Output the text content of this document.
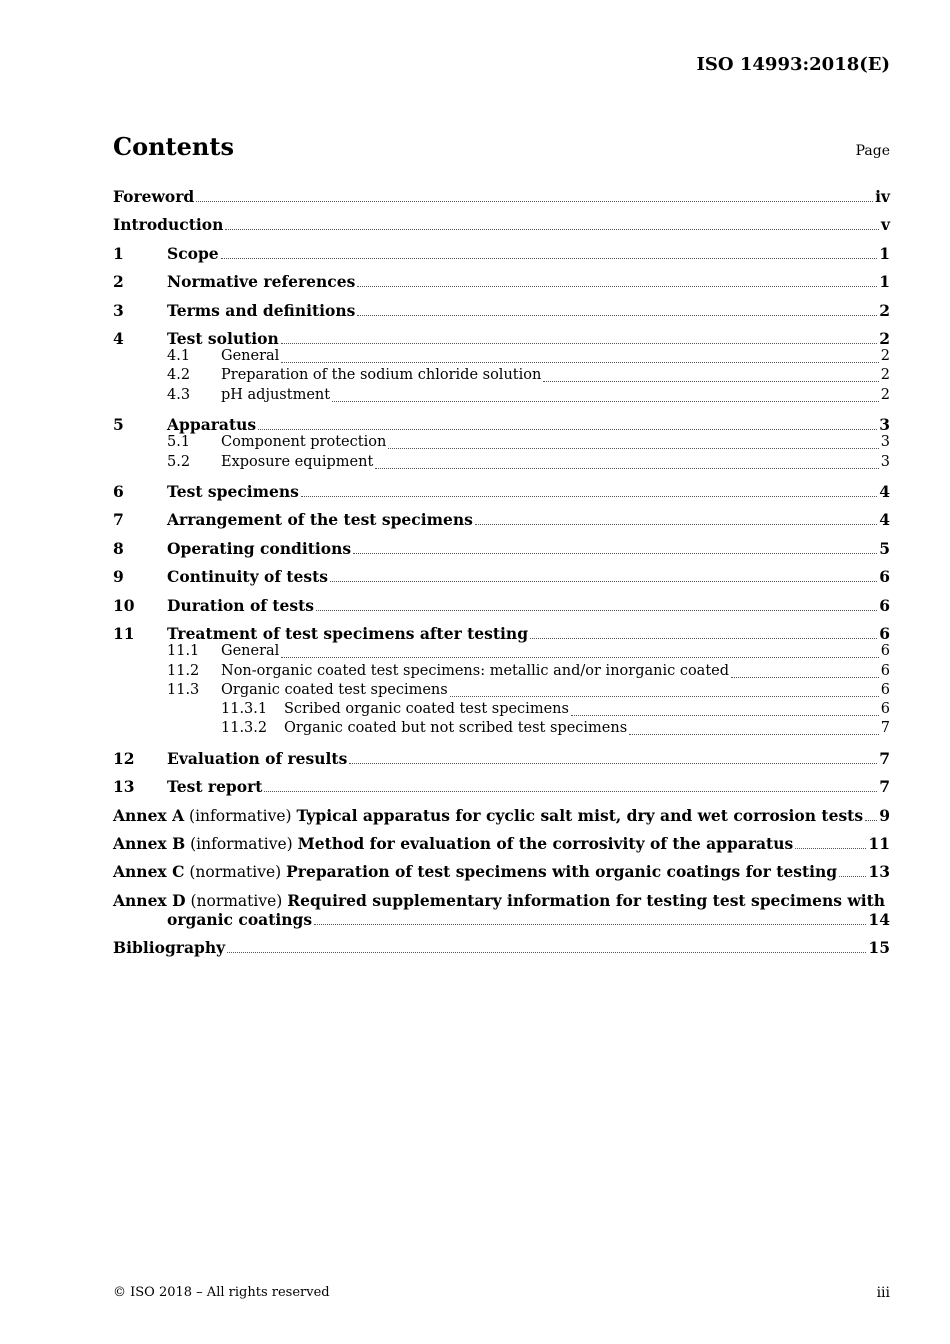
ISO 14993:2018(E)
Contents	Page
Foreword	iv
Introduction	v
1	Scope	1
2	Normative references	1
3	Terms and definitions	2
4	Test solution	2
4.1	General	2
4.2	Preparation of the sodium chloride solution	2
4.3	pH adjustment	2
5	Apparatus	3
5.1	Component protection	3
5.2	Exposure equipment	3
6	Test specimens	4
7	Arrangement of the test specimens	4
8	Operating conditions	5
9	Continuity of tests	6
10	Duration of tests	6
11	Treatment of test specimens after testing	6
11.1	General	6
11.2	Non-organic coated test specimens: metallic and/or inorganic coated	6
11.3	Organic coated test specimens	6
11.3.1	Scribed organic coated test specimens	6
11.3.2	Organic coated but not scribed test specimens	7
12	Evaluation of results	7
13	Test report	7
Annex A (informative) Typical apparatus for cyclic salt mist, dry and wet corrosion tests 9
Annex B (informative) Method for evaluation of the corrosivity of the apparatus	11
Annex C (normative) Preparation of test specimens with organic coatings for testing 13
Annex D (normative) Required supplementary information for testing test specimens with
organic coatings	14
Bibliography	15
© ISO 2018 – All rights reserved	iii
